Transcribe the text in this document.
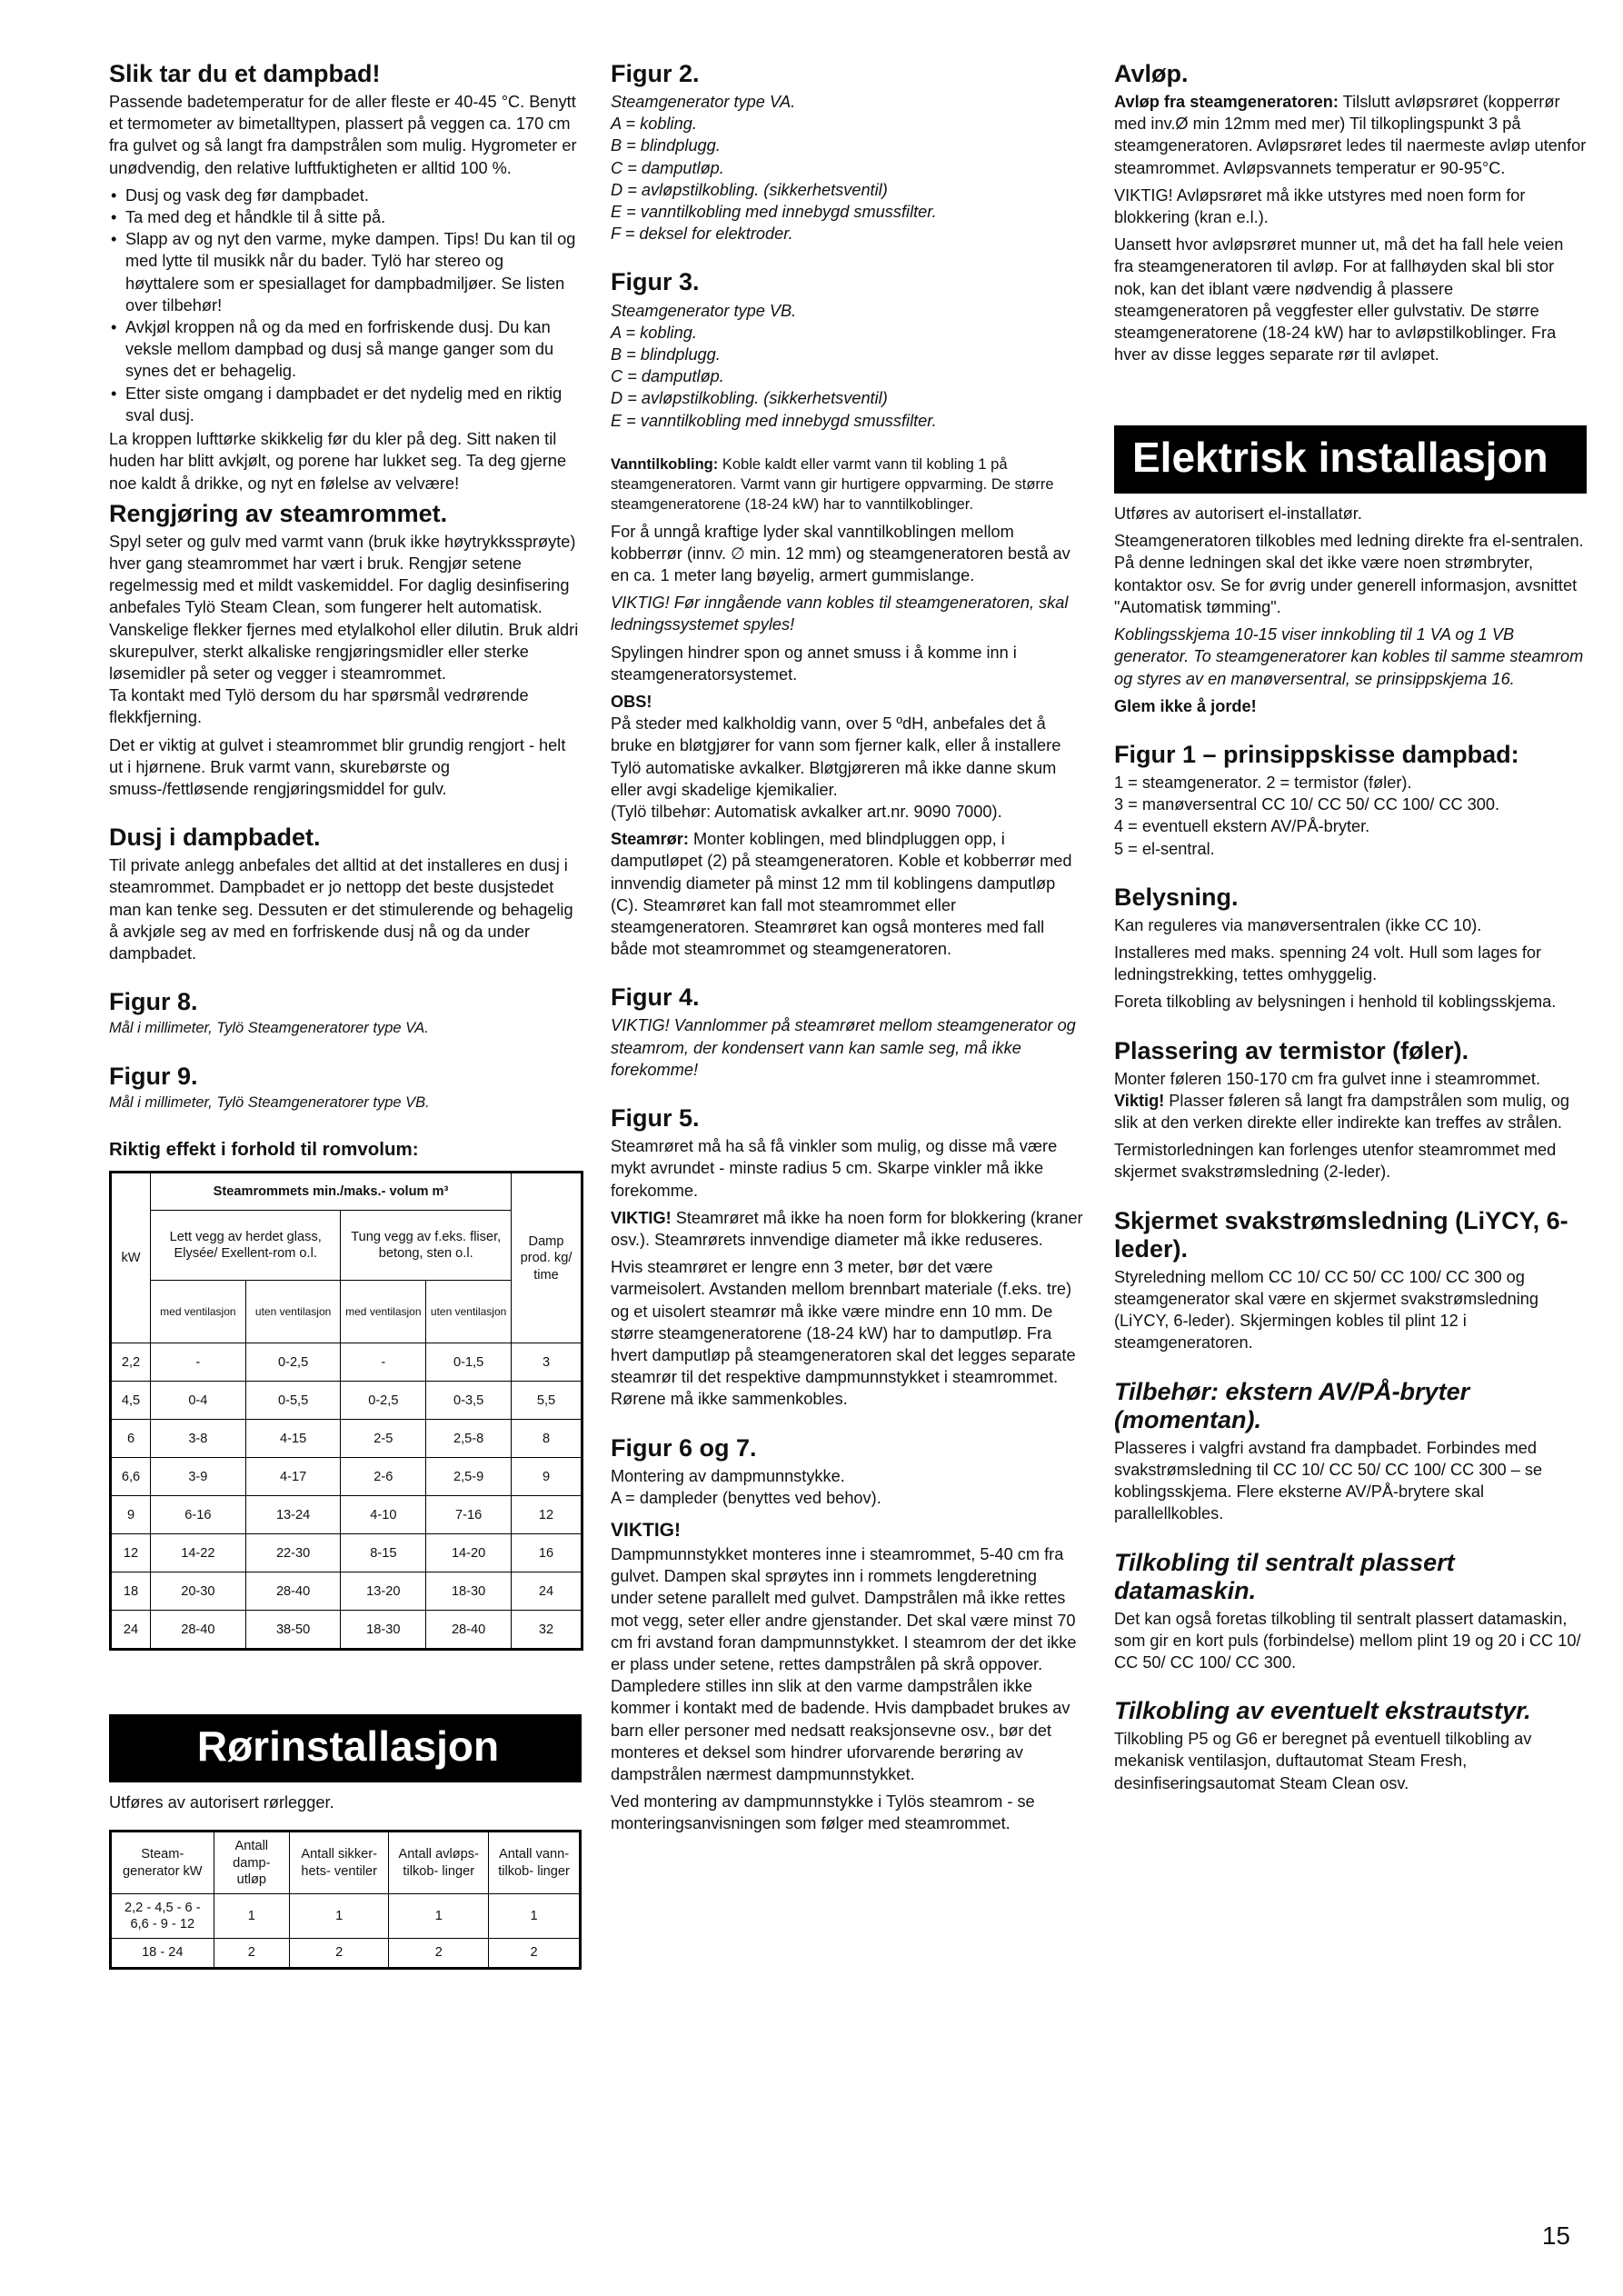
Slik tar du et dampbad!

Passende badetemperatur for de aller fleste er 40-45 °C. Benytt et termometer av bimetalltypen, plassert på veggen ca. 170 cm fra gulvet og så langt fra dampstrålen som mulig. Hygrometer er unødvendig, den relative luftfuktigheten er alltid 100 %.

• Dusj og vask deg før dampbadet.
• Ta med deg et håndkle til å sitte på.
• Slapp av og nyt den varme, myke dampen. Tips! Du kan til og med lytte til musikk når du bader. Tylö har stereo og høyttalere som er spesiallaget for dampbadmiljøer. Se listen over tilbehør!
• Avkjøl kroppen nå og da med en forfriskende dusj. Du kan veksle mellom dampbad og dusj så mange ganger som du synes det er behagelig.
• Etter siste omgang i dampbadet er det nydelig med en riktig sval dusj.

La kroppen lufttørke skikkelig før du kler på deg. Sitt naken til huden har blitt avkjølt, og porene har lukket seg. Ta deg gjerne noe kaldt å drikke, og nyt en følelse av velvære!

Rengjøring av steamrommet.

Spyl seter og gulv med varmt vann (bruk ikke høytrykkssprøyte) hver gang steamrommet har vært i bruk. Rengjør setene regelmessig med et mildt vaskemiddel. For daglig desinfisering anbefales Tylö Steam Clean, som fungerer helt automatisk. Vanskelige flekker fjernes med etylalkohol eller dilutin. Bruk aldri skurepulver, sterkt alkaliske rengjøringsmidler eller sterke løsemidler på seter og vegger i steamrommet.

Ta kontakt med Tylö dersom du har spørsmål vedrørende flekkfjerning.

Det er viktig at gulvet i steamrommet blir grundig rengjort - helt ut i hjørnene. Bruk varmt vann, skurebørste og smuss-/fettløsende rengjøringsmiddel for gulv.

Dusj i dampbadet.

Til private anlegg anbefales det alltid at det installeres en dusj i steamrommet. Dampbadet er jo nettopp det beste dusjstedet man kan tenke seg. Dessuten er det stimulerende og behagelig å avkjøle seg av med en forfriskende dusj nå og da under dampbadet.

Figur 8.

Mål i millimeter, Tylö Steamgeneratorer type VA.

Figur 9.

Mål i millimeter, Tylö Steamgeneratorer type VB.

Riktig effekt i forhold til romvolum:
kW	Steamrommets min./maks.- volum m³				Damp prod. kg/ time
	Lett vegg av herdet glass, Elysée/ Exellent-rom o.l.		Tung vegg av f.eks. fliser, betong, sten o.l.		
	med ventilasjon	uten ventilasjon	med ventilasjon	uten ventilasjon	
2,2	-	0-2,5	-	0-1,5	3
4,5	0-4	0-5,5	0-2,5	0-3,5	5,5
6	3-8	4-15	2-5	2,5-8	8
6,6	3-9	4-17	2-6	2,5-9	9
9	6-16	13-24	4-10	7-16	12
12	14-22	22-30	8-15	14-20	16
18	20-30	28-40	13-20	18-30	24
24	28-40	38-50	18-30	28-40	32
Rørinstallasjon

Utføres av autorisert rørlegger.

Steam- generator kW	Antall damp- utløp	Antall sikker- hets- ventiler	Antall avløps- tilkob- linger	Antall vann- tilkob- linger
2,2 - 4,5 - 6 - 6,6 - 9 - 12	1	1	1	1
18 - 24	2	2	2	2
Figur 2.
Steamgenerator type VA.
A = kobling.
B = blindplugg.
C = damputløp.
D = avløpstilkobling. (sikkerhetsventil)
E = vanntilkobling med innebygd smussfilter.
F = deksel for elektroder.
Figur 3.
Steamgenerator type VB.
A = kobling.
B = blindplugg.
C = damputløp.
D = avløpstilkobling. (sikkerhetsventil)
E = vanntilkobling med innebygd smussfilter.

Vanntilkobling: Koble kaldt eller varmt vann til kobling 1 på steamgeneratoren. Varmt vann gir hurtigere oppvarming. De større steamgeneratorene (18-24 kW) har to vanntilkoblinger.

For å unngå kraftige lyder skal vanntilkoblingen mellom kobberrør (innv. ∅ min. 12 mm) og steamgeneratoren bestå av en ca. 1 meter lang bøyelig, armert gummislange.

VIKTIG! Før inngående vann kobles til steamgeneratoren, skal ledningssystemet spyles!

Spylingen hindrer spon og annet smuss i å komme inn i steamgeneratorsystemet.

OBS!

På steder med kalkholdig vann, over 5 ºdH, anbefales det å bruke en bløtgjører for vann som fjerner kalk, eller å installere Tylö automatiske avkalker. Bløtgjøreren må ikke danne skum eller avgi skadelige kjemikalier.

(Tylö tilbehør: Automatisk avkalker art.nr. 9090 7000).

Steamrør: Monter koblingen, med blindpluggen opp, i damputløpet (2) på steamgeneratoren. Koble et kobberrør med innvendig diameter på minst 12 mm til koblingens damputløp (C). Steamrøret kan fall mot steamrommet eller steamgeneratoren. Steamrøret kan også monteres med fall både mot steamrommet og steamgeneratoren.

Figur 4.

VIKTIG! Vannlommer på steamrøret mellom steamgenerator og steamrom, der kondensert vann kan samle seg, må ikke forekomme!

Figur 5.

Steamrøret må ha så få vinkler som mulig, og disse må være mykt avrundet - minste radius 5 cm. Skarpe vinkler må ikke forekomme.

VIKTIG! Steamrøret må ikke ha noen form for blokkering (kraner osv.). Steamrørets innvendige diameter må ikke reduseres.

Hvis steamrøret er lengre enn 3 meter, bør det være varmeisolert. Avstanden mellom brennbart materiale (f.eks. tre) og et uisolert steamrør må ikke være mindre enn 10 mm. De større steamgeneratorene (18-24 kW) har to damputløp. Fra hvert damputløp på steamgeneratoren skal det legges separate steamrør til det respektive dampmunnstykket i steamrommet. Rørene må ikke sammenkobles.

Figur 6 og 7.

Montering av dampmunnstykke.

A = dampleder (benyttes ved behov).

VIKTIG!

Dampmunnstykket monteres inne i steamrommet, 5-40 cm fra gulvet. Dampen skal sprøytes inn i rommets lengderetning under setene parallelt med gulvet. Dampstrålen må ikke rettes mot vegg, seter eller andre gjenstander. Det skal være minst 70 cm fri avstand foran dampmunnstykket. I steamrom der det ikke er plass under setene, rettes dampstrålen på skrå oppover. Dampledere stilles inn slik at den varme dampstrålen ikke kommer i kontakt med de badende. Hvis dampbadet brukes av barn eller personer med nedsatt reaksjonsevne osv., bør det monteres et deksel som hindrer uforvarende berøring av dampstrålen nærmest dampmunnstykket.

Ved montering av dampmunnstykke i Tylös steamrom - se monteringsanvisningen som følger med steamrommet.

Avløp.

Avløp fra steamgeneratoren: Tilslutt avløpsrøret (kopperrør med inv.Ø min 12mm med mer) Til tilkoplingspunkt 3 på steamgeneratoren. Avløpsrøret ledes til naermeste avløp utenfor steamrommet. Avløpsvannets temperatur er 90-95°C.

VIKTIG! Avløpsrøret må ikke utstyres med noen form for blokkering (kran e.l.).

Uansett hvor avløpsrøret munner ut, må det ha fall hele veien fra steamgeneratoren til avløp. For at fallhøyden skal bli stor nok, kan det iblant være nødvendig å plassere steamgeneratoren på veggfester eller gulvstativ. De større steamgeneratorene (18-24 kW) har to avløpstilkoblinger. Fra hver av disse legges separate rør til avløpet.

Elektrisk installasjon

Utføres av autorisert el-installatør.

Steamgeneratoren tilkobles med ledning direkte fra el-sentralen. På denne ledningen skal det ikke være noen strømbryter, kontaktor osv. Se for øvrig under generell informasjon, avsnittet "Automatisk tømming".

Koblingsskjema 10-15 viser innkobling til 1 VA og 1 VB generator. To steamgeneratorer kan kobles til samme steamrom og styres av en manøversentral, se prinsippskjema 16.

Glem ikke å jorde!

Figur 1 – prinsippskisse dampbad:
1 = steamgenerator. 2 = termistor (føler).
3 = manøversentral CC 10/ CC 50/ CC 100/ CC 300.
4 = eventuell ekstern AV/PÅ-bryter.
5 = el-sentral.
Belysning.

Kan reguleres via manøversentralen (ikke CC 10).

Installeres med maks. spenning 24 volt. Hull som lages for ledningstrekking, tettes omhyggelig.

Foreta tilkobling av belysningen i henhold til koblingsskjema.

Plassering av termistor (føler).

Monter føleren 150-170 cm fra gulvet inne i steamrommet. Viktig! Plasser føleren så langt fra dampstrålen som mulig, og slik at den verken direkte eller indirekte kan treffes av strålen.

Termistorledningen kan forlenges utenfor steamrommet med skjermet svakstrømsledning (2-leder).

Skjermet svakstrømsledning (LiYCY, 6-leder).

Styreledning mellom CC 10/ CC 50/ CC 100/ CC 300 og steamgenerator skal være en skjermet svakstrømsledning (LiYCY, 6-leder). Skjermingen kobles til plint 12 i steamgeneratoren.

Tilbehør: ekstern AV/PÅ-bryter (momentan).

Plasseres i valgfri avstand fra dampbadet. Forbindes med svakstrømsledning til CC 10/ CC 50/ CC 100/ CC 300 – se koblingsskjema. Flere eksterne AV/PÅ-brytere skal parallellkobles.

Tilkobling til sentralt plassert datamaskin.

Det kan også foretas tilkobling til sentralt plassert datamaskin, som gir en kort puls (forbindelse) mellom plint 19 og 20 i CC 10/ CC 50/ CC 100/ CC 300.

Tilkobling av eventuelt ekstrautstyr.

Tilkobling P5 og G6 er beregnet på eventuell tilkobling av mekanisk ventilasjon, duftautomat Steam Fresh, desinfiseringsautomat Steam Clean osv.

15
